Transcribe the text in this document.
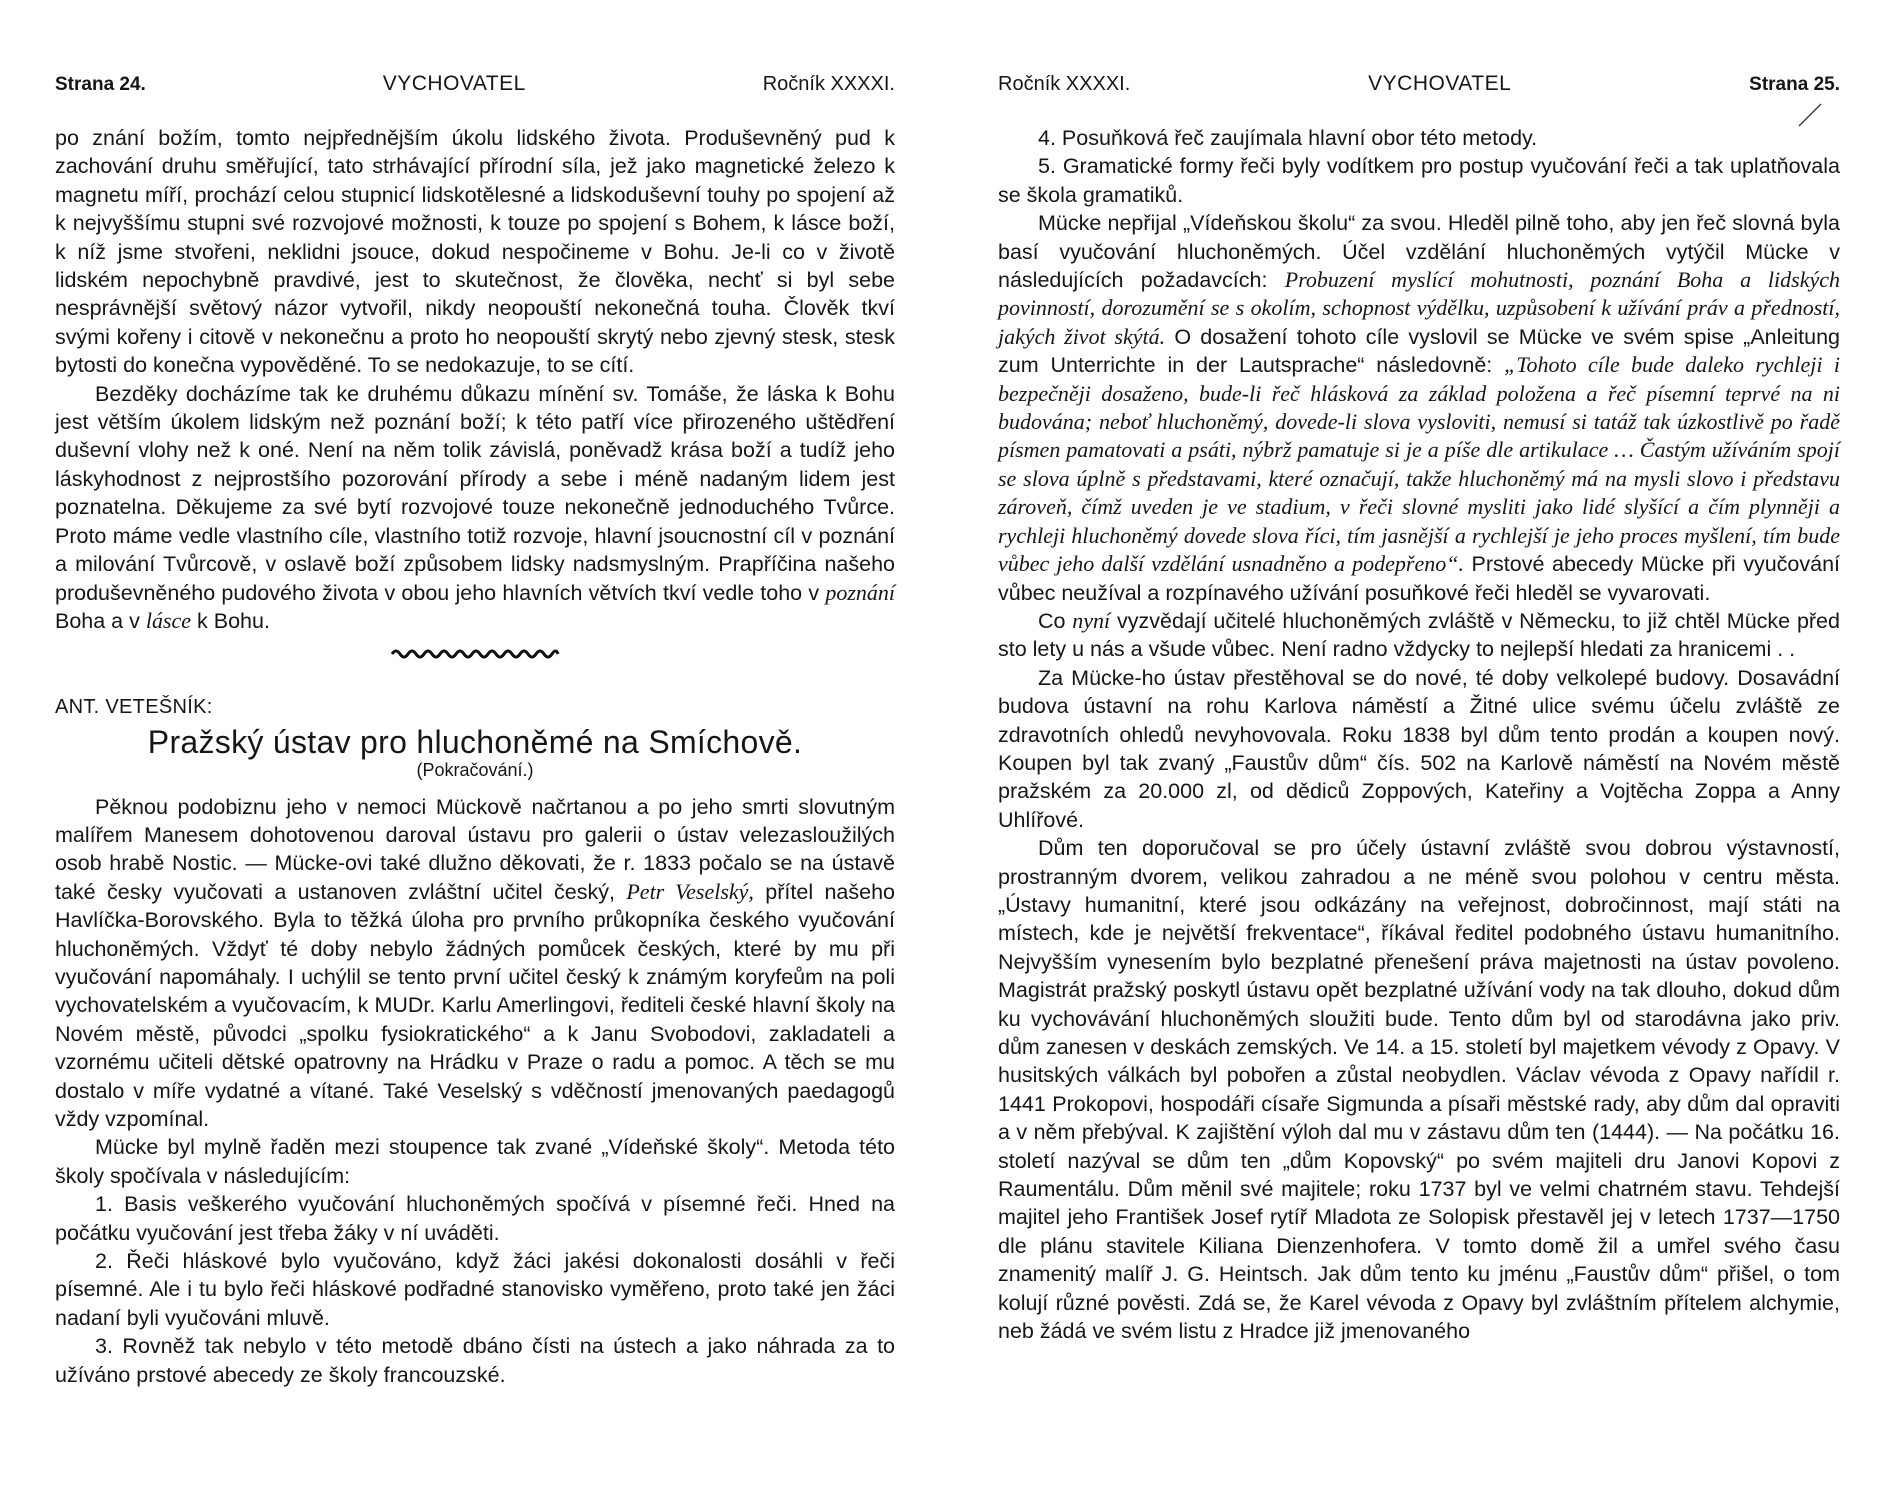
Strana 24.	VYCHOVATEL	Ročník XXXXI.

po znání božím, tomto nejpřednějším úkolu lidského života. Produševněný pud k zachování druhu směřující, tato strhávající přírodní síla, jež jako magnetické železo k magnetu míří, prochází celou stupnicí lidskotělesné a lidskoduševní touhy po spojení až k nejvyššímu stupni své rozvojové možnosti, k touze po spojení s Bohem, k lásce boží, k níž jsme stvořeni, neklidni jsouce, dokud nespočineme v Bohu. Je-li co v životě lidském nepochybně pravdivé, jest to skutečnost, že člověka, nechť si byl sebe nesprávnější světový názor vytvořil, nikdy neopouští nekonečná touha. Člověk tkví svými kořeny i citově v nekonečnu a proto ho neopouští skrytý nebo zjevný stesk, stesk bytosti do konečna vypověděné. To se nedokazuje, to se cítí.

Bezděky docházíme tak ke druhému důkazu mínění sv. Tomáše, že láska k Bohu jest větším úkolem lidským než poznání boží; k této patří více přirozeného uštědření duševní vlohy než k oné. Není na něm tolik závislá, poněvadž krása boží a tudíž jeho láskyhodnost z nejprostšího pozorování přírody a sebe i méně nadaným lidem jest poznatelna. Děkujeme za své bytí rozvojové touze nekonečně jednoduchého Tvůrce. Proto máme vedle vlastního cíle, vlastního totiž rozvoje, hlavní jsoucnostní cíl v poznání a milování Tvůrcově, v oslavě boží způsobem lidsky nadsmyslným. Prapříčina našeho produševněného pudového života v obou jeho hlavních větvích tkví vedle toho v poznání Boha a v lásce k Bohu.

ANT. VETEŠNÍK:
Pražský ústav pro hluchoněmé na Smíchově.
(Pokračování.)

Pěknou podobiznu jeho v nemoci Mückově načrtanou a po jeho smrti slovutným malířem Manesem dohotovenou daroval ústavu pro galerii o ústav velezasloužilých osob hrabě Nostic. — Mücke-ovi také dlužno děkovati, že r. 1833 počalo se na ústavě také česky vyučovati a ustanoven zvláštní učitel český, Petr Veselský, přítel našeho Havlíčka-Borovského. Byla to těžká úloha pro prvního průkopníka českého vyučování hluchoněmých. Vždyť té doby nebylo žádných pomůcek českých, které by mu při vyučování napomáhaly. I uchýlil se tento první učitel český k známým koryfeům na poli vychovatelském a vyučovacím, k MUDr. Karlu Amerlingovi, řediteli české hlavní školy na Novém městě, původci „spolku fysiokratického“ a k Janu Svobodovi, zakladateli a vzornému učiteli dětské opatrovny na Hrádku v Praze o radu a pomoc. A těch se mu dostalo v míře vydatné a vítané. Také Veselský s vděčností jmenovaných paedagogů vždy vzpomínal.

Mücke byl mylně řaděn mezi stoupence tak zvané „Vídeňské školy“. Metoda této školy spočívala v následujícím:

1. Basis veškerého vyučování hluchoněmých spočívá v písemné řeči. Hned na počátku vyučování jest třeba žáky v ní uváděti.

2. Řeči hláskové bylo vyučováno, když žáci jakési dokonalosti dosáhli v řeči písemné. Ale i tu bylo řeči hláskové podřadné stanovisko vyměřeno, proto také jen žáci nadaní byli vyučováni mluvě.

3. Rovněž tak nebylo v této metodě dbáno čísti na ústech a jako náhrada za to užíváno prstové abecedy ze školy francouzské.

Ročník XXXXI.	VYCHOVATEL	Strana 25.

4. Posuňková řeč zaujímala hlavní obor této metody.

5. Gramatické formy řeči byly vodítkem pro postup vyučování řeči a tak uplatňovala se škola gramatiků.

Mücke nepřijal „Vídeňskou školu“ za svou. Hleděl pilně toho, aby jen řeč slovná byla basí vyučování hluchoněmých. Účel vzdělání hluchoněmých vytýčil Mücke v následujících požadavcích: Probuzení myslící mohutnosti, poznání Boha a lidských povinností, dorozumění se s okolím, schopnost výdělku, uzpůsobení k užívání práv a předností, jakých život skýtá. O dosažení tohoto cíle vyslovil se Mücke ve svém spise „Anleitung zum Unterrichte in der Lautsprache“ následovně: „Tohoto cíle bude daleko rychleji i bezpečněji dosaženo, bude-li řeč hlásková za základ položena a řeč písemní teprvé na ni budována; neboť hluchoněmý, dovede-li slova vysloviti, nemusí si tatáž tak úzkostlivě po řadě písmen pamatovati a psáti, nýbrž pamatuje si je a píše dle artikulace … Častým užíváním spojí se slova úplně s představami, které označují, takže hluchoněmý má na mysli slovo i představu zároveň, čímž uveden je ve stadium, v řeči slovné mysliti jako lidé slyšící a čím plynněji a rychleji hluchoněmý dovede slova říci, tím jasnější a rychlejší je jeho proces myšlení, tím bude vůbec jeho další vzdělání usnadněno a podepřeno“. Prstové abecedy Mücke při vyučování vůbec neužíval a rozpínavého užívání posuňkové řeči hleděl se vyvarovati.

Co nyní vyzvědají učitelé hluchoněmých zvláště v Německu, to již chtěl Mücke před sto lety u nás a všude vůbec. Není radno vždycky to nejlepší hledati za hranicemi . .

Za Mücke-ho ústav přestěhoval se do nové, té doby velkolepé budovy. Dosavádní budova ústavní na rohu Karlova náměstí a Žitné ulice svému účelu zvláště ze zdravotních ohledů nevyhovovala. Roku 1838 byl dům tento prodán a koupen nový. Koupen byl tak zvaný „Faustův dům“ čís. 502 na Karlově náměstí na Novém městě pražském za 20.000 zl, od dědiců Zoppových, Kateřiny a Vojtěcha Zoppa a Anny Uhlířové.

Dům ten doporučoval se pro účely ústavní zvláště svou dobrou výstavností, prostranným dvorem, velikou zahradou a ne méně svou polohou v centru města. „Ústavy humanitní, které jsou odkázány na veřejnost, dobročinnost, mají státi na místech, kde je největší frekventace“, říkával ředitel podobného ústavu humanitního. Nejvyšším vynesením bylo bezplatné přenešení práva majetnosti na ústav povoleno. Magistrát pražský poskytl ústavu opět bezplatné užívání vody na tak dlouho, dokud dům ku vychovávání hluchoněmých sloužiti bude. Tento dům byl od starodávna jako priv. dům zanesen v deskách zemských. Ve 14. a 15. století byl majetkem vévody z Opavy. V husitských válkách byl pobořen a zůstal neobydlen. Václav vévoda z Opavy nařídil r. 1441 Prokopovi, hospodáři císaře Sigmunda a písaři městské rady, aby dům dal opraviti a v něm přebýval. K zajištění výloh dal mu v zástavu dům ten (1444). — Na počátku 16. století nazýval se dům ten „dům Kopovský“ po svém majiteli dru Janovi Kopovi z Raumentálu. Dům měnil své majitele; roku 1737 byl ve velmi chatrném stavu. Tehdejší majitel jeho František Josef rytíř Mladota ze Solopisk přestavěl jej v letech 1737—1750 dle plánu stavitele Kiliana Dienzenhofera. V tomto domě žil a umřel svého času znamenitý malíř J. G. Heintsch. Jak dům tento ku jménu „Faustův dům“ přišel, o tom kolují různé pověsti. Zdá se, že Karel vévoda z Opavy byl zvláštním přítelem alchymie, neb žádá ve svém listu z Hradce již jmenovaného
